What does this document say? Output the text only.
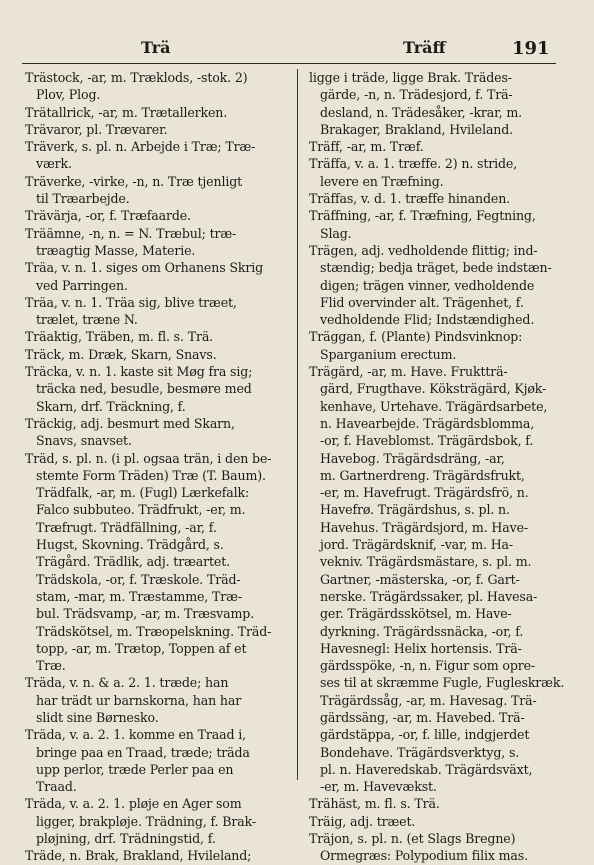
Trä	Träff	191
Trästock, -ar, m. Træklods, -stok. 2)
Plov, Plog.
Trätallrick, -ar, m. Trætallerken.
Trävaror, pl. Trævarer.
Träverk, s. pl. n. Arbejde i Træ; Træ-
værk.
Träverke, -virke, -n, n. Træ tjenligt
til Træarbejde.
Trävärja, -or, f. Træfaarde.
Träämne, -n, n. = N. Træbul; træ-
træagtig Masse, Materie.
Träa, v. n. 1. siges om Orhanens Skrig
ved Parringen.
Träa, v. n. 1. Träa sig, blive træet,
trælet, træne N.
Träaktig, Träben, m. fl. s. Trä.
Träck, m. Dræk, Skarn, Snavs.
Träcka, v. n. 1. kaste sit Møg fra sig;
träcka ned, besudle, besmøre med
Skarn, drf. Träckning, f.
Träckig, adj. besmurt med Skarn,
Snavs, snavset.
Träd, s. pl. n. (i pl. ogsaa trän, i den be-
stemte Form Träden) Træ (T. Baum).
Trädfalk, -ar, m. (Fugl) Lærkefalk:
Falco subbuteo. Trädfrukt, -er, m.
Træfrugt. Trädfällning, -ar, f.
Hugst, Skovning. Trädgård, s.
Trägård. Trädlik, adj. træartet.
Trädskola, -or, f. Træskole. Träd-
stam, -mar, m. Træstamme, Træ-
bul. Trädsvamp, -ar, m. Træsvamp.
Trädskötsel, m. Træopelskning. Träd-
topp, -ar, m. Trætop, Toppen af et
Træ.
Träda, v. n. & a. 2. 1. træde; han
har trädt ur barnskorna, han har
slidt sine Børnesko.
Träda, v. a. 2. 1. komme en Traad i,
bringe paa en Traad, træde; träda
upp perlor, træde Perler paa en
Traad.
Träda, v. a. 2. 1. pløje en Ager som
ligger, brakpløje. Trädning, f. Brak-
pløjning, drf. Trädningstid, f.
Träde, n. Brak, Brakland, Hvileland;
ligge i träde, ligge Brak. Trädes-
gärde, -n, n. Trädesjord, f. Trä-
desland, n. Trädesåker, -krar, m.
Brakager, Brakland, Hvileland.
Träff, -ar, m. Træf.
Träffa, v. a. 1. træffe. 2) n. stride,
levere en Træfning.
Träffas, v. d. 1. træffe hinanden.
Träffning, -ar, f. Træfning, Fegtning,
Slag.
Trägen, adj. vedholdende flittig; ind-
stændig; bedja träget, bede indstæn-
digen; trägen vinner, vedholdende
Flid overvinder alt. Trägenhet, f.
vedholdende Flid; Indstændighed.
Träggan, f. (Plante) Pindsvinknop:
Sparganium erectum.
Trägärd, -ar, m. Have. Fruktträ-
gärd, Frugthave. Köksträgärd, Kjøk-
kenhave, Urtehave. Trägärdsarbete,
n. Havearbejde. Trägärdsblomma,
-or, f. Haveblomst. Trägärdsbok, f.
Havebog. Trägärdsdräng, -ar,
m. Gartnerdreng. Trägärdsfrukt,
-er, m. Havefrugt. Trägärdsfrö, n.
Havefrø. Trägärdshus, s. pl. n.
Havehus. Trägärdsjord, m. Have-
jord. Trägärdsknif, -var, m. Ha-
vekniv. Trägärdsmästare, s. pl. m.
Gartner, -mästerska, -or, f. Gart-
nerske. Trägärdssaker, pl. Havesa-
ger. Trägärdsskötsel, m. Have-
dyrkning. Trägärdssnäcka, -or, f.
Havesnegl: Helix hortensis. Trä-
gärdsspöke, -n, n. Figur som opre-
ses til at skræmme Fugle, Fugleskræk.
Trägärdssåg, -ar, m. Havesag. Trä-
gärdssäng, -ar, m. Havebed. Trä-
gärdstäppa, -or, f. lille, indgjerdet
Bondehave. Trägärdsverktyg, s.
pl. n. Haveredskab. Trägärdsväxt,
-er, m. Havevækst.
Trähäst, m. fl. s. Trä.
Träig, adj. træet.
Träjon, s. pl. n. (et Slags Bregne)
Ormegræs: Polypodium filix mas.
